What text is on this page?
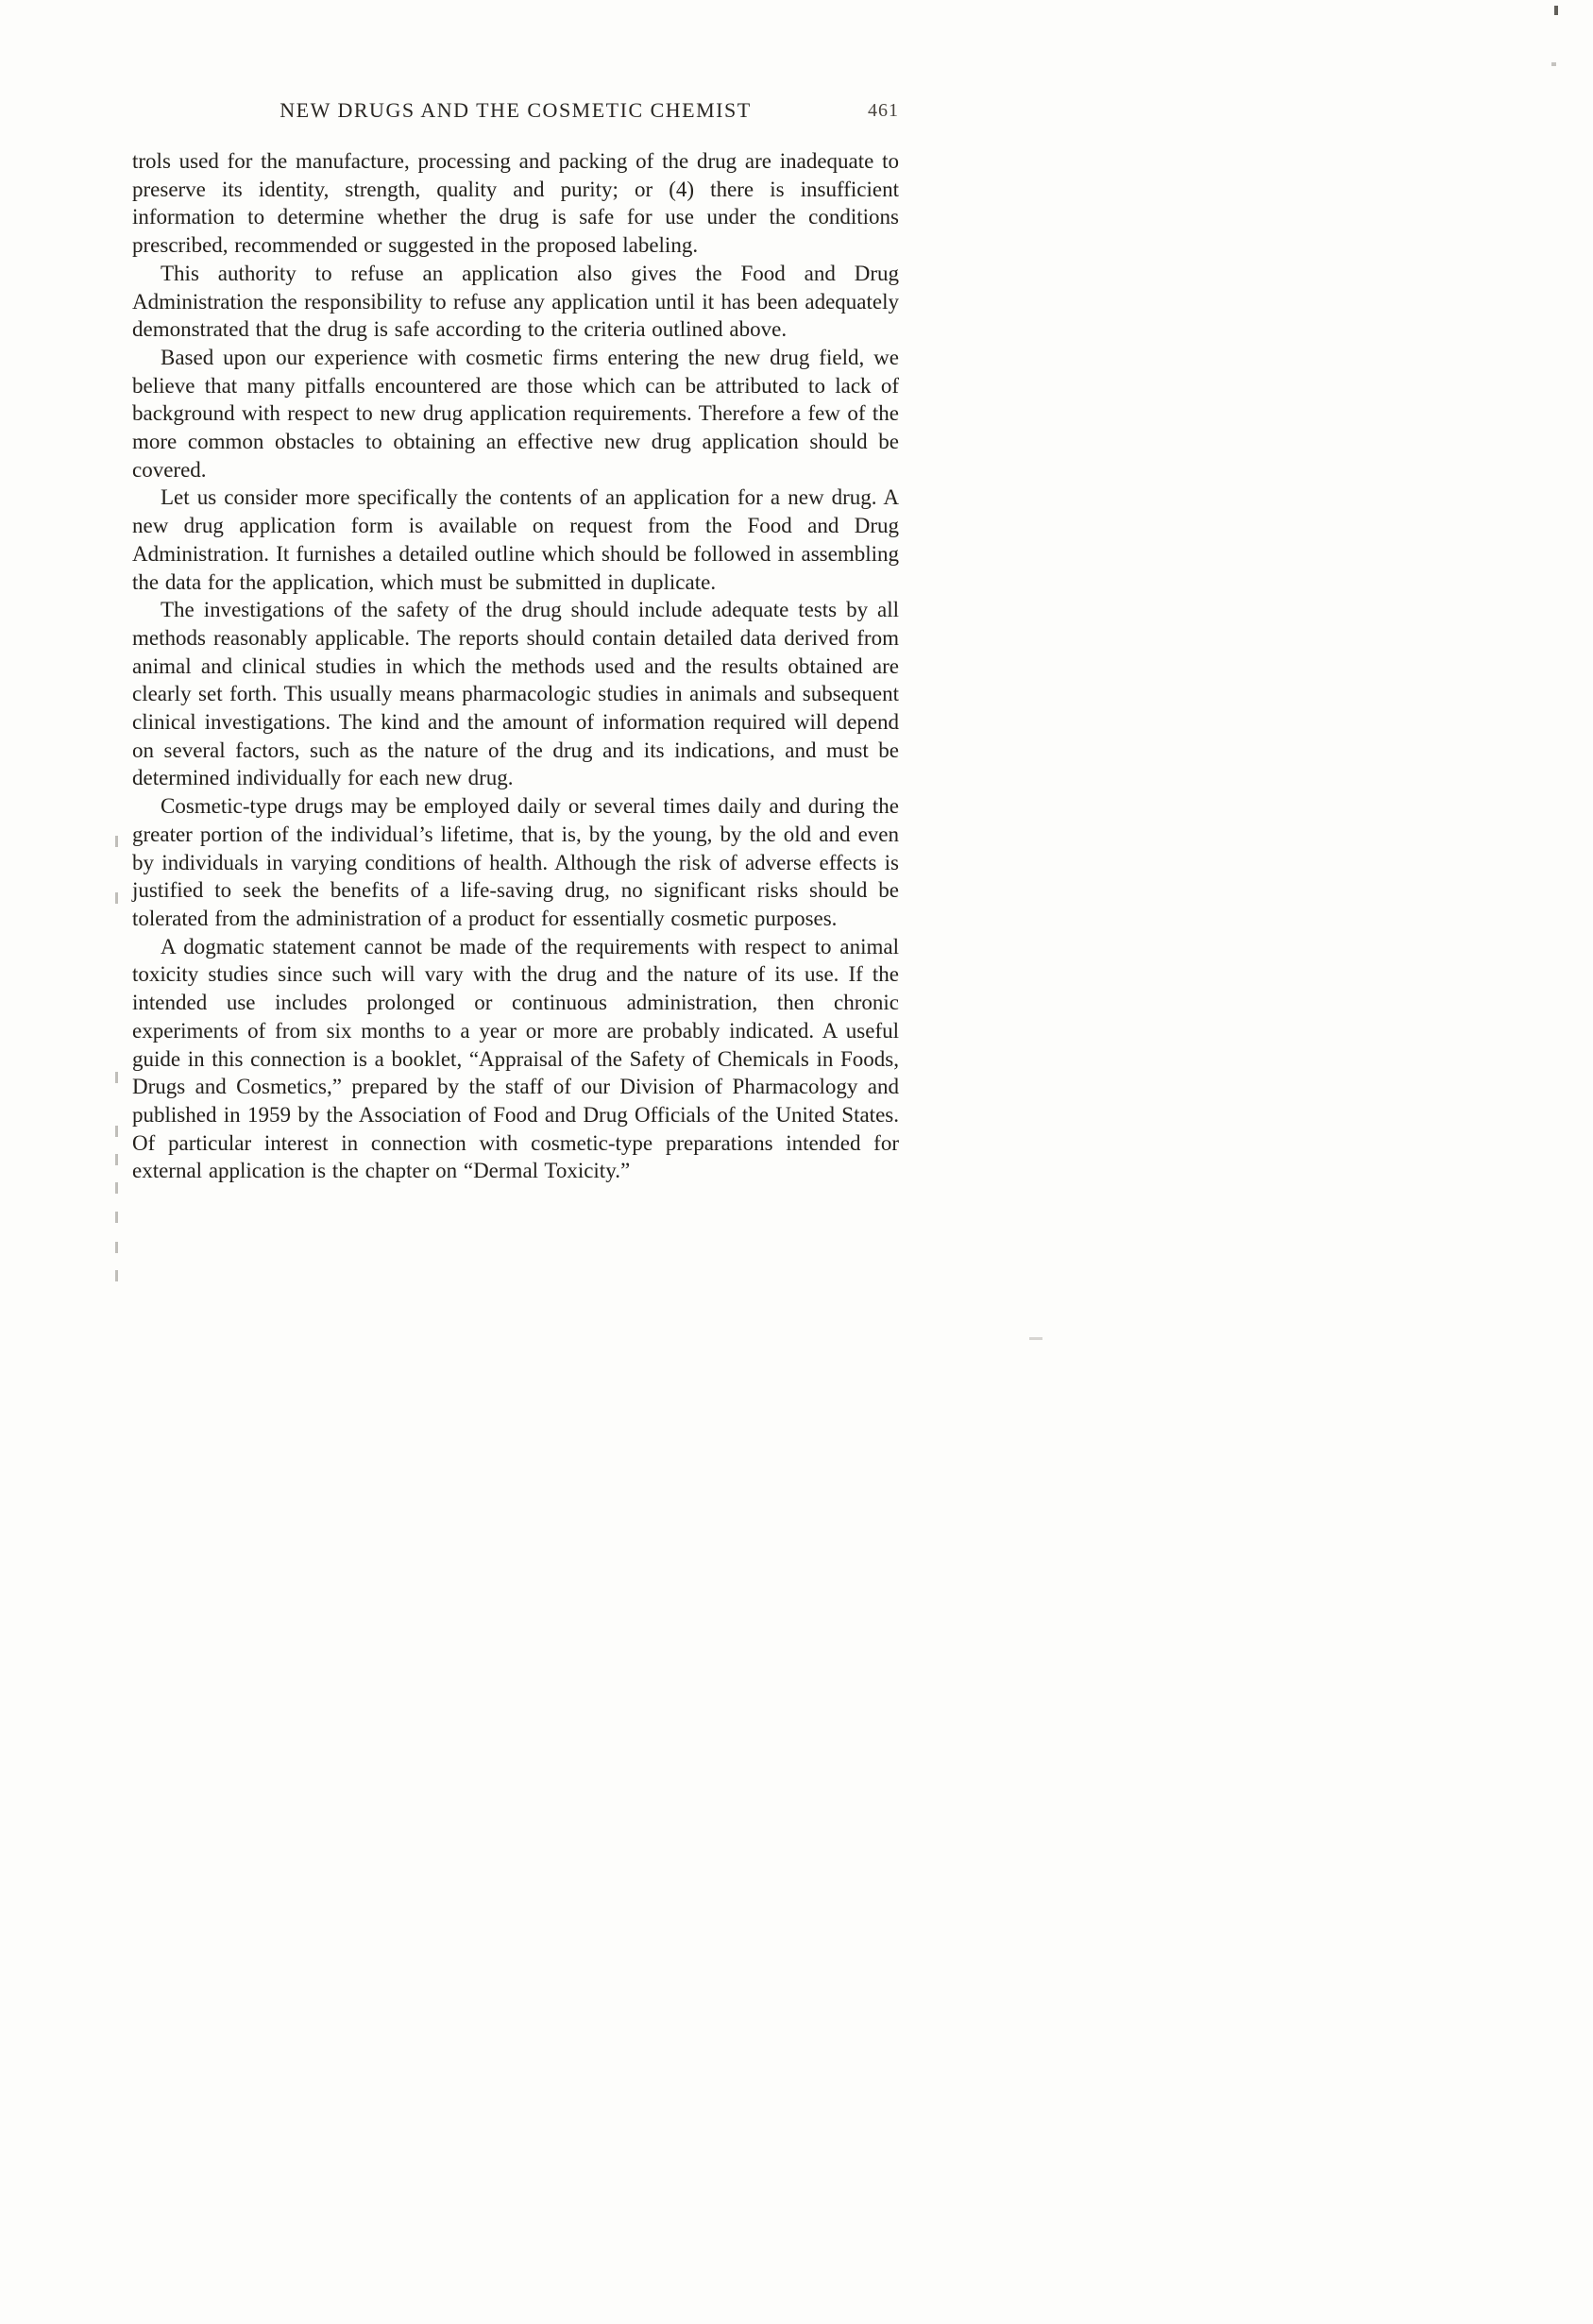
NEW DRUGS AND THE COSMETIC CHEMIST	461

trols used for the manufacture, processing and packing of the drug are inadequate to preserve its identity, strength, quality and purity; or (4) there is insufficient information to determine whether the drug is safe for use under the conditions prescribed, recommended or suggested in the proposed labeling.

This authority to refuse an application also gives the Food and Drug Administration the responsibility to refuse any application until it has been adequately demonstrated that the drug is safe according to the criteria outlined above.

Based upon our experience with cosmetic firms entering the new drug field, we believe that many pitfalls encountered are those which can be attributed to lack of background with respect to new drug application requirements. Therefore a few of the more common obstacles to obtaining an effective new drug application should be covered.

Let us consider more specifically the contents of an application for a new drug. A new drug application form is available on request from the Food and Drug Administration. It furnishes a detailed outline which should be followed in assembling the data for the application, which must be submitted in duplicate.

The investigations of the safety of the drug should include adequate tests by all methods reasonably applicable. The reports should contain detailed data derived from animal and clinical studies in which the methods used and the results obtained are clearly set forth. This usually means pharmacologic studies in animals and subsequent clinical investigations. The kind and the amount of information required will depend on several factors, such as the nature of the drug and its indications, and must be determined individually for each new drug.

Cosmetic-type drugs may be employed daily or several times daily and during the greater portion of the individual’s lifetime, that is, by the young, by the old and even by individuals in varying conditions of health. Although the risk of adverse effects is justified to seek the benefits of a life-saving drug, no significant risks should be tolerated from the administration of a product for essentially cosmetic purposes.

A dogmatic statement cannot be made of the requirements with respect to animal toxicity studies since such will vary with the drug and the nature of its use. If the intended use includes prolonged or continuous administration, then chronic experiments of from six months to a year or more are probably indicated. A useful guide in this connection is a booklet, “Appraisal of the Safety of Chemicals in Foods, Drugs and Cosmetics,” prepared by the staff of our Division of Pharmacology and published in 1959 by the Association of Food and Drug Officials of the United States. Of particular interest in connection with cosmetic-type preparations intended for external application is the chapter on “Dermal Toxicity.”
